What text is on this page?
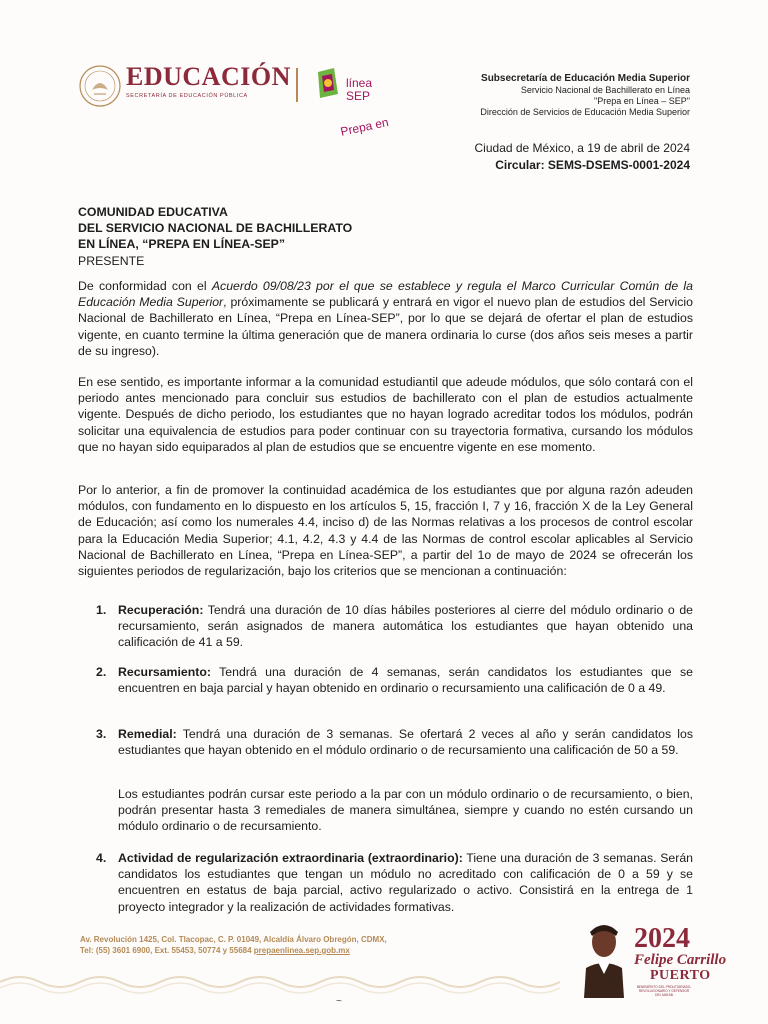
EDUCACIÓN
SECRETARÍA DE EDUCACIÓN PÚBLICA
Prepa en
línea
SEP
Subsecretaría de Educación Media Superior
Servicio Nacional de Bachillerato en Línea
"Prepa en Línea – SEP"
Dirección de Servicios de Educación Media Superior
Ciudad de México, a 19 de abril de 2024
Circular: SEMS-DSEMS-0001-2024
COMUNIDAD EDUCATIVA
DEL SERVICIO NACIONAL DE BACHILLERATO
EN LÍNEA, “PREPA EN LÍNEA-SEP”
PRESENTE

De conformidad con el Acuerdo 09/08/23 por el que se establece y regula el Marco Curricular Común de la Educación Media Superior, próximamente se publicará y entrará en vigor el nuevo plan de estudios del Servicio Nacional de Bachillerato en Línea, “Prepa en Línea-SEP”, por lo que se dejará de ofertar el plan de estudios vigente, en cuanto termine la última generación que de manera ordinaria lo curse (dos años seis meses a partir de su ingreso).

En ese sentido, es importante informar a la comunidad estudiantil que adeude módulos, que sólo contará con el periodo antes mencionado para concluir sus estudios de bachillerato con el plan de estudios actualmente vigente. Después de dicho periodo, los estudiantes que no hayan logrado acreditar todos los módulos, podrán solicitar una equivalencia de estudios para poder continuar con su trayectoria formativa, cursando los módulos que no hayan sido equiparados al plan de estudios que se encuentre vigente en ese momento.

Por lo anterior, a fin de promover la continuidad académica de los estudiantes que por alguna razón adeuden módulos, con fundamento en lo dispuesto en los artículos 5, 15, fracción I, 7 y 16, fracción X de la Ley General de Educación; así como los numerales 4.4, inciso d) de las Normas relativas a los procesos de control escolar para la Educación Media Superior; 4.1, 4.2, 4.3 y 4.4 de las Normas de control escolar aplicables al Servicio Nacional de Bachillerato en Línea, “Prepa en Línea-SEP”, a partir del 1o de mayo de 2024 se ofrecerán los siguientes periodos de regularización, bajo los criterios que se mencionan a continuación:

1. Recuperación: Tendrá una duración de 10 días hábiles posteriores al cierre del módulo ordinario o de recursamiento, serán asignados de manera automática los estudiantes que hayan obtenido una calificación de 41 a 59.
2. Recursamiento: Tendrá una duración de 4 semanas, serán candidatos los estudiantes que se encuentren en baja parcial y hayan obtenido en ordinario o recursamiento una calificación de 0 a 49.
3. Remedial: Tendrá una duración de 3 semanas. Se ofertará 2 veces al año y serán candidatos los estudiantes que hayan obtenido en el módulo ordinario o de recursamiento una calificación de 50 a 59.

Los estudiantes podrán cursar este periodo a la par con un módulo ordinario o de recursamiento, o bien, podrán presentar hasta 3 remediales de manera simultánea, siempre y cuando no estén cursando un módulo ordinario o de recursamiento.

4. Actividad de regularización extraordinaria (extraordinario): Tiene una duración de 3 semanas. Serán candidatos los estudiantes que tengan un módulo no acreditado con calificación de 0 a 59 y se encuentren en estatus de baja parcial, activo regularizado o activo. Consistirá en la entrega de 1 proyecto integrador y la realización de actividades formativas.
Av. Revolución 1425, Col. Tlacopac, C. P. 01049, Alcaldía Álvaro Obregón, CDMX,
Tel: (55) 3601 6900, Ext. 55453, 50774 y 55684 prepaenlinea.sep.gob.mx	2024
Felipe Carrillo
PUERTO
BENEMÉRITO DEL PROLETARIADO,
REVOLUCIONARIO Y DEFENSOR
DEL MAYAB
~
